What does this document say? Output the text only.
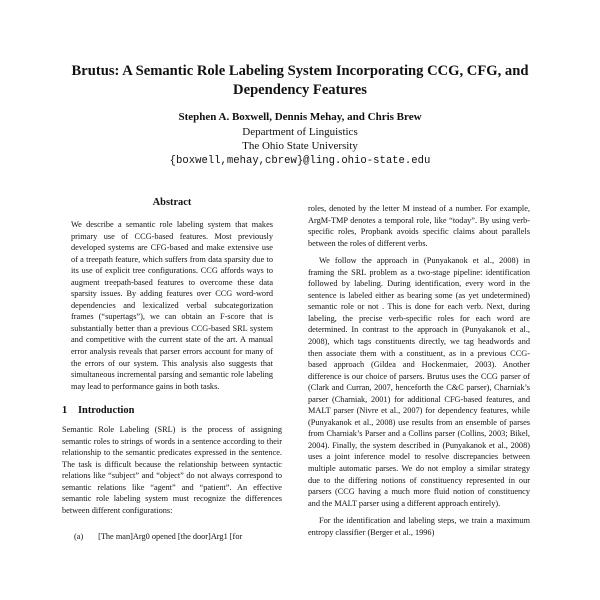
Brutus: A Semantic Role Labeling System Incorporating CCG, CFG, and Dependency Features
Stephen A. Boxwell, Dennis Mehay, and Chris Brew
Department of Linguistics
The Ohio State University
{boxwell,mehay,cbrew}@ling.ohio-state.edu
Abstract

We describe a semantic role labeling system that makes primary use of CCG-based features. Most previously developed systems are CFG-based and make extensive use of a treepath feature, which suffers from data sparsity due to its use of explicit tree configurations. CCG affords ways to augment treepath-based features to overcome these data sparsity issues. By adding features over CCG word-word dependencies and lexicalized verbal subcategorization frames (“supertags”), we can obtain an F-score that is substantially better than a previous CCG-based SRL system and competitive with the current state of the art. A manual error analysis reveals that parser errors account for many of the errors of our system. This analysis also suggests that simultaneous incremental parsing and semantic role labeling may lead to performance gains in both tasks.

1 Introduction

Semantic Role Labeling (SRL) is the process of assigning semantic roles to strings of words in a sentence according to their relationship to the semantic predicates expressed in the sentence. The task is difficult because the relationship between syntactic relations like “subject” and “object” do not always correspond to semantic relations like “agent” and “patient”. An effective semantic role labeling system must recognize the differences between different configurations:

(a) [The man]Arg0 opened [the door]Arg1 [for

roles, denoted by the letter M instead of a number. For example, ArgM-TMP denotes a temporal role, like “today”. By using verb-specific roles, Propbank avoids specific claims about parallels between the roles of different verbs.

We follow the approach in (Punyakanok et al., 2008) in framing the SRL problem as a two-stage pipeline: identification followed by labeling. During identification, every word in the sentence is labeled either as bearing some (as yet undetermined) semantic role or not . This is done for each verb. Next, during labeling, the precise verb-specific roles for each word are determined. In contrast to the approach in (Punyakanok et al., 2008), which tags constituents directly, we tag headwords and then associate them with a constituent, as in a previous CCG-based approach (Gildea and Hockenmaier, 2003). Another difference is our choice of parsers. Brutus uses the CCG parser of (Clark and Curran, 2007, henceforth the C&C parser), Charniak’s parser (Charniak, 2001) for additional CFG-based features, and MALT parser (Nivre et al., 2007) for dependency features, while (Punyakanok et al., 2008) use results from an ensemble of parses from Charniak’s Parser and a Collins parser (Collins, 2003; Bikel, 2004). Finally, the system described in (Punyakanok et al., 2008) uses a joint inference model to resolve discrepancies between multiple automatic parses. We do not employ a similar strategy due to the differing notions of constituency represented in our parsers (CCG having a much more fluid notion of constituency and the MALT parser using a different approach entirely).

For the identification and labeling steps, we train a maximum entropy classifier (Berger et al., 1996)
